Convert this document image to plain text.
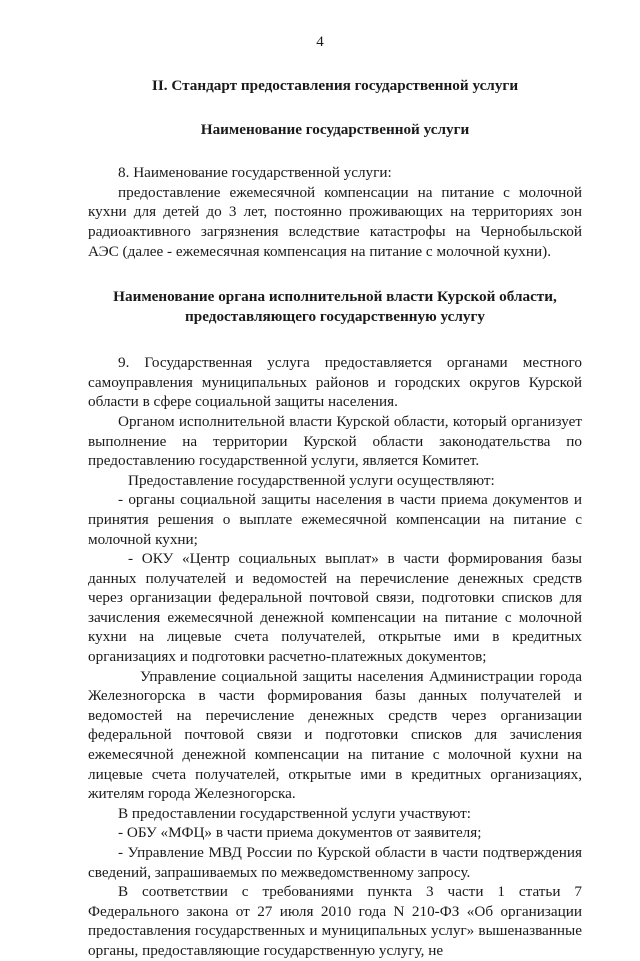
4

II. Стандарт предоставления государственной услуги

Наименование государственной услуги

8. Наименование государственной услуги:

предоставление ежемесячной компенсации на питание с молочной кухни для детей до 3 лет, постоянно проживающих на территориях зон радиоактивного загрязнения вследствие катастрофы на Чернобыльской АЭС (далее - ежемесячная компенсация на питание с молочной кухни).

Наименование органа исполнительной власти Курской области,
предоставляющего государственную услугу

9. Государственная услуга предоставляется органами местного самоуправления муниципальных районов и городских округов Курской области в сфере социальной защиты населения.

Органом исполнительной власти Курской области, который организует выполнение на территории Курской области законодательства по предоставлению государственной услуги, является Комитет.

Предоставление государственной услуги осуществляют:

- органы социальной защиты населения в части приема документов и принятия решения о выплате ежемесячной компенсации на питание с молочной кухни;

- ОКУ «Центр социальных выплат» в части формирования базы данных получателей и ведомостей на перечисление денежных средств через организации федеральной почтовой связи, подготовки списков для зачисления ежемесячной денежной компенсации на питание с молочной кухни на лицевые счета получателей, открытые ими в кредитных организациях и подготовки расчетно-платежных документов;

Управление социальной защиты населения Администрации города Железногорска в части формирования базы данных получателей и ведомостей на перечисление денежных средств через организации федеральной почтовой связи и подготовки списков для зачисления ежемесячной денежной компенсации на питание с молочной кухни на лицевые счета получателей, открытые ими в кредитных организациях, жителям города Железногорска.

В предоставлении государственной услуги участвуют:

- ОБУ «МФЦ» в части приема документов от заявителя;

- Управление МВД России по Курской области в части подтверждения сведений, запрашиваемых по межведомственному запросу.

В соответствии с требованиями пункта 3 части 1 статьи 7 Федерального закона от 27 июля 2010 года N 210-ФЗ «Об организации предоставления государственных и муниципальных услуг» вышеназванные органы, предоставляющие государственную услугу, не
